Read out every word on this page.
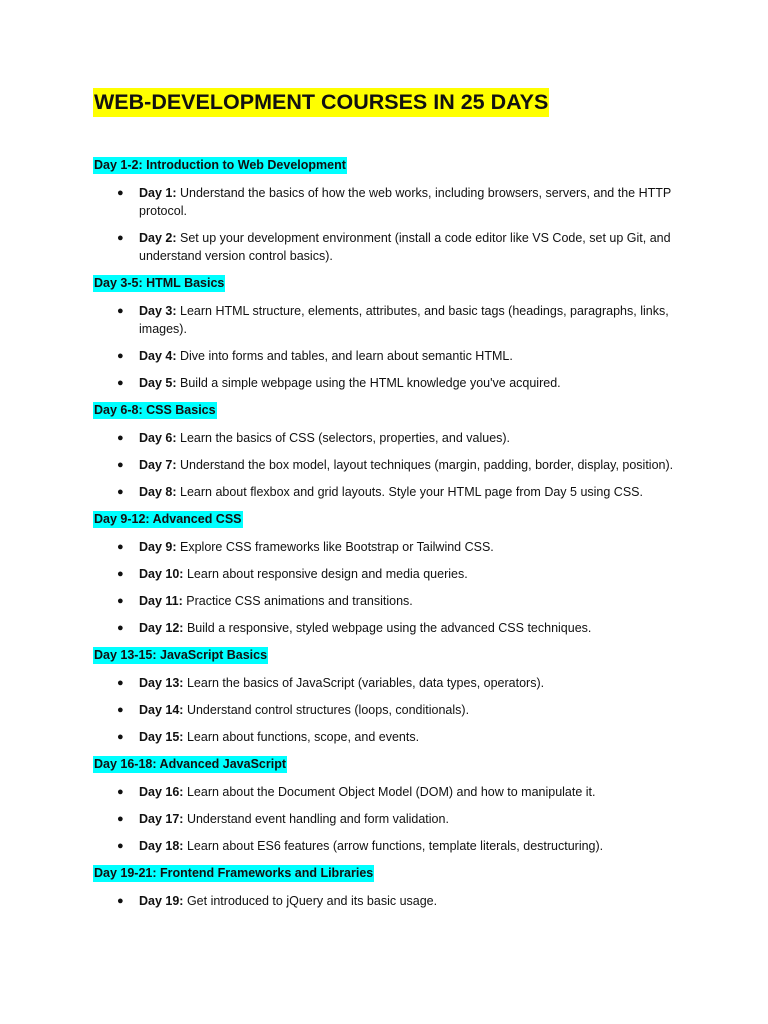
WEB-DEVELOPMENT COURSES IN 25 DAYS
Day 1-2: Introduction to Web Development
● Day 1: Understand the basics of how the web works, including browsers, servers, and the HTTP protocol.
● Day 2: Set up your development environment (install a code editor like VS Code, set up Git, and understand version control basics).
Day 3-5: HTML Basics
● Day 3: Learn HTML structure, elements, attributes, and basic tags (headings, paragraphs, links, images).
● Day 4: Dive into forms and tables, and learn about semantic HTML.
● Day 5: Build a simple webpage using the HTML knowledge you've acquired.
Day 6-8: CSS Basics
● Day 6: Learn the basics of CSS (selectors, properties, and values).
● Day 7: Understand the box model, layout techniques (margin, padding, border, display, position).
● Day 8: Learn about flexbox and grid layouts. Style your HTML page from Day 5 using CSS.
Day 9-12: Advanced CSS
● Day 9: Explore CSS frameworks like Bootstrap or Tailwind CSS.
● Day 10: Learn about responsive design and media queries.
● Day 11: Practice CSS animations and transitions.
● Day 12: Build a responsive, styled webpage using the advanced CSS techniques.
Day 13-15: JavaScript Basics
● Day 13: Learn the basics of JavaScript (variables, data types, operators).
● Day 14: Understand control structures (loops, conditionals).
● Day 15: Learn about functions, scope, and events.
Day 16-18: Advanced JavaScript
● Day 16: Learn about the Document Object Model (DOM) and how to manipulate it.
● Day 17: Understand event handling and form validation.
● Day 18: Learn about ES6 features (arrow functions, template literals, destructuring).
Day 19-21: Frontend Frameworks and Libraries
● Day 19: Get introduced to jQuery and its basic usage.
